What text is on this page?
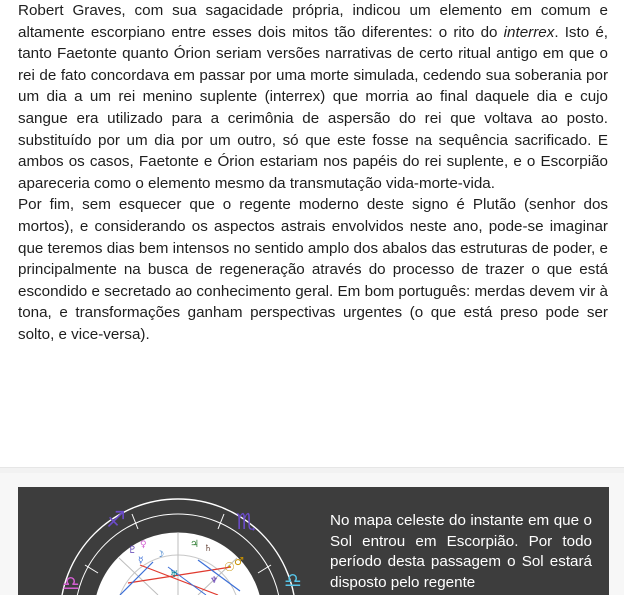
Robert Graves, com sua sagacidade própria, indicou um elemento em comum e altamente escorpiano entre esses dois mitos tão diferentes: o rito do interrex. Isto é, tanto Faetonte quanto Órion seriam versões narrativas de certo ritual antigo em que o rei de fato concordava em passar por uma morte simulada, cedendo sua soberania por um dia a um rei menino suplente (interrex) que morria ao final daquele dia e cujo sangue era utilizado para a cerimônia de aspersão do rei que voltava ao posto. substituído por um dia por um outro, só que este fosse na sequência sacrificado. E ambos os casos, Faetonte e Órion estariam nos papéis do rei suplente, e o Escorpião apareceria como o elemento mesmo da transmutação vida-morte-vida.

Por fim, sem esquecer que o regente moderno deste signo é Plutão (senhor dos mortos), e considerando os aspectos astrais envolvidos neste ano, pode-se imaginar que teremos dias bem intensos no sentido amplo dos abalos das estruturas de poder, e principalmente na busca de regeneração através do processo de trazer o que está escondido e secretado ao conhecimento geral. Em bom português: merdas devem vir à tona, e transformações ganham perspectivas urgentes (o que está preso pode ser solto, e vice-versa).

♐	♏
♎	♎
♇ ♀
☿
♃ ♄
☉ ♂
☽
♅
♆

No mapa celeste do instante em que o Sol entrou em Escorpião. Por todo período desta passagem o Sol estará disposto pelo regente
